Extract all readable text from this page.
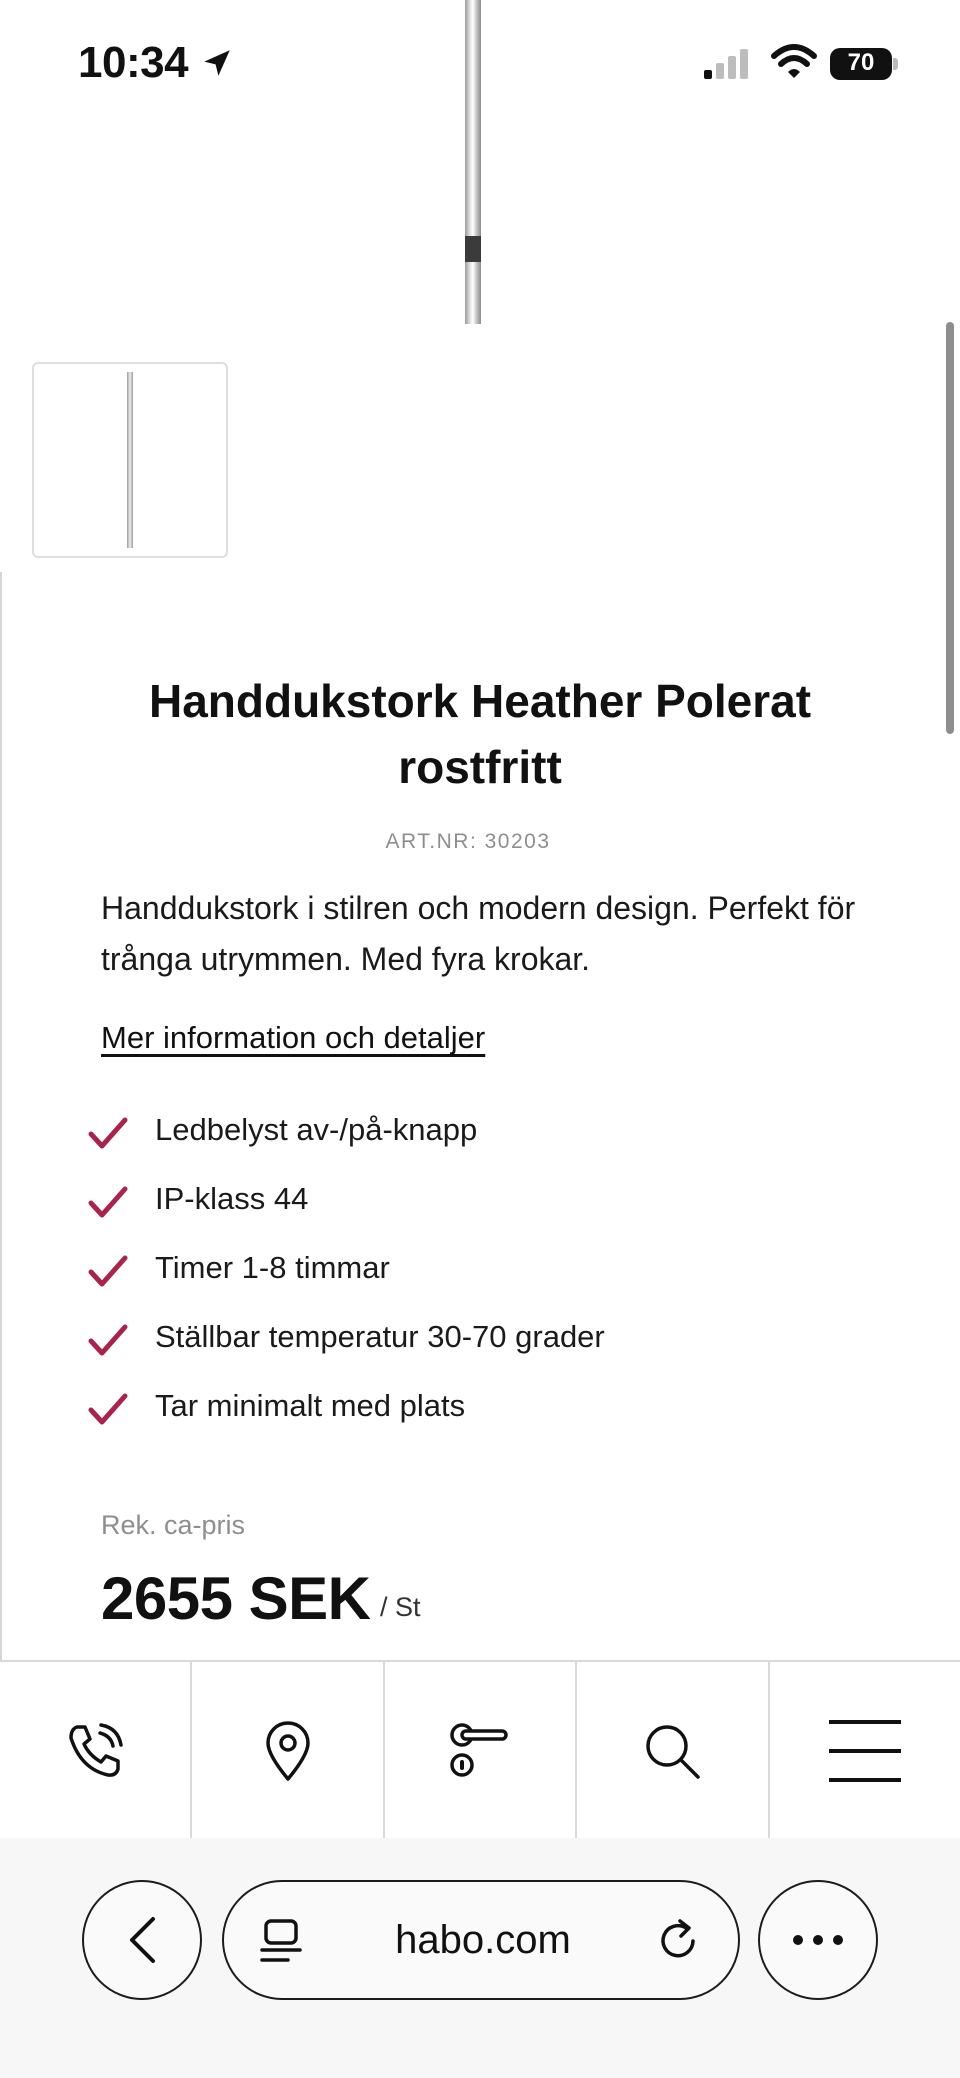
10:34	70
Handdukstork Heather Polerat rostfritt
ART.NR: 30203

Handdukstork i stilren och modern design. Perfekt för trånga utrymmen. Med fyra krokar.

Mer information och detaljer
Ledbelyst av-/på-knapp
IP-klass 44
Timer 1-8 timmar
Ställbar temperatur 30-70 grader
Tar minimalt med plats
Rek. ca-pris
2655 SEK / St
habo.com
